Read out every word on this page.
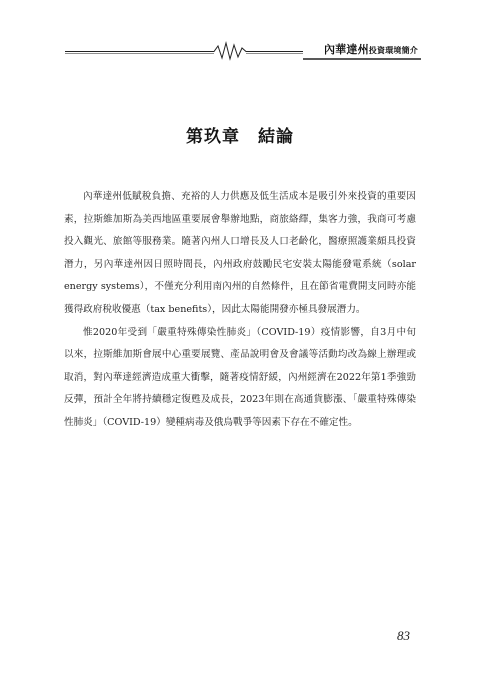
內華達州投資環境簡介
第玖章 結論

內華達州低賦稅負擔、充裕的人力供應及低生活成本是吸引外來投資的重要因素，拉斯維加斯為美西地區重要展會舉辦地點，商旅絡繹，集客力強，我商可考慮投入觀光、旅館等服務業。隨著內州人口增長及人口老齡化，醫療照護業頗具投資潛力，另內華達州因日照時間長，內州政府鼓勵民宅安裝太陽能發電系統（solar energy systems），不僅充分利用南內州的自然條件，且在節省電費開支同時亦能獲得政府稅收優惠（tax benefits），因此太陽能開發亦極具發展潛力。

惟2020年受到「嚴重特殊傳染性肺炎」（COVID-19）疫情影響，自3月中旬以來，拉斯維加斯會展中心重要展覽、產品說明會及會議等活動均改為線上辦理或取消，對內華達經濟造成重大衝擊，隨著疫情舒緩，內州經濟在2022年第1季強勁反彈，預計全年將持續穩定復甦及成長，2023年則在高通貨膨漲、「嚴重特殊傳染性肺炎」（COVID-19）變種病毒及俄烏戰爭等因素下存在不確定性。

83
